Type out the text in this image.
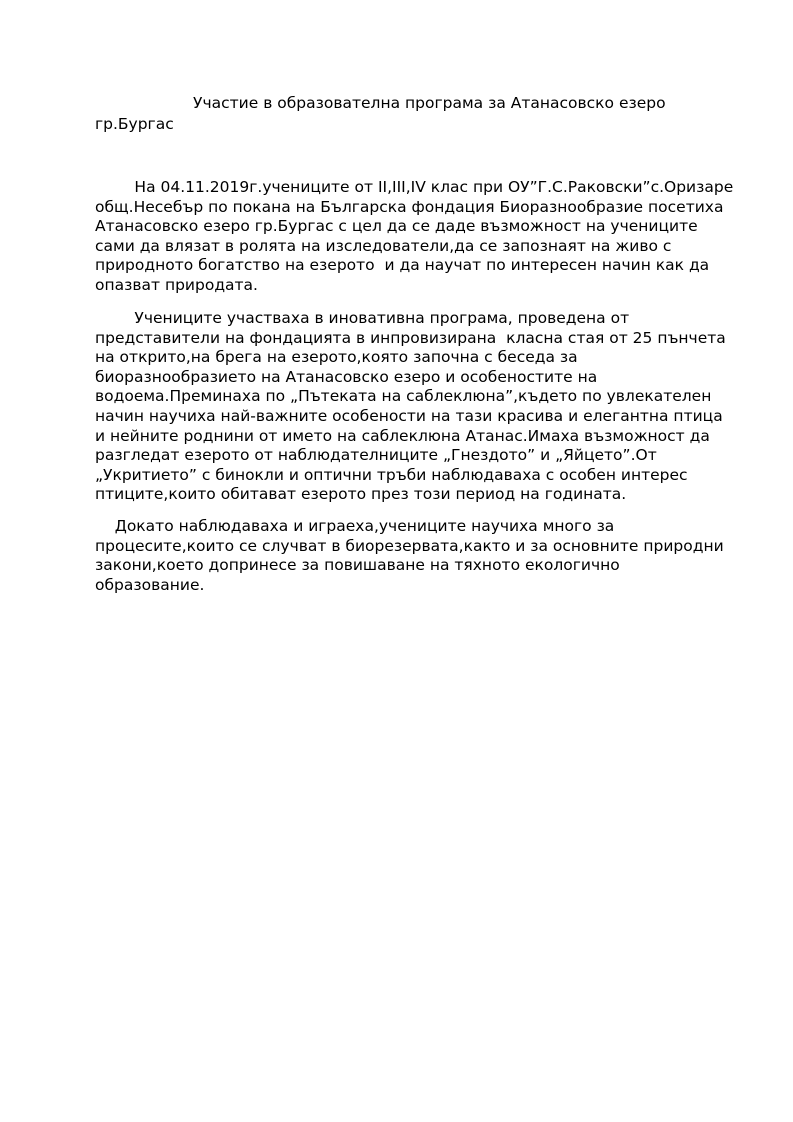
Участие в образователна програма за Атанасовско езеро
гр.Бургас
На 04.11.2019г.учениците от II,III,IV клас при ОУ”Г.С.Раковски”с.Оризаре
общ.Несебър по покана на Българска фондация Биоразнообразие посетиха
Атанасовско езеро гр.Бургас с цел да се даде възможност на учениците
сами да влязат в ролята на изследователи,да се запознаят на живо с
природното богатство на езерото  и да научат по интересен начин как да
опазват природата.
Учениците участваха в иновативна програма, проведена от
представители на фондацията в инпровизирана  класна стая от 25 пънчета
на открито,на брега на езерото,която започна с беседа за
биоразнообразието на Атанасовско езеро и особеностите на
водоема.Преминаха по „Пътеката на саблеклюна”,където по увлекателен
начин научиха най-важните особености на тази красива и елегантна птица
и нейните роднини от името на саблеклюна Атанас.Имаха възможност да
разгледат езерото от наблюдателниците „Гнездото” и „Яйцето”.От
„Укритието” с бинокли и оптични тръби наблюдаваха с особен интерес
птиците,които обитават езерото през този период на годината.
Докато наблюдаваха и играеха,учениците научиха много за
процесите,които се случват в биорезервата,както и за основните природни
закони,което допринесе за повишаване на тяхното екологично
образование.
